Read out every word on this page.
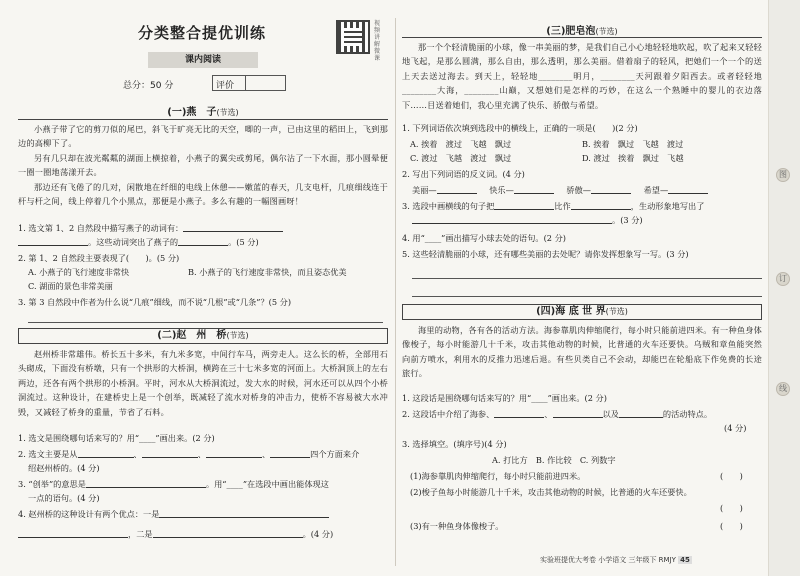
图
订
线
分类整合提优训练
视频讲解微课
课内阅读
总分：50 分	评价
(一)燕　子(节选)
小燕子带了它的剪刀似的尾巴，斜飞于旷亮无比的天空，唧的一声，已由这里的稻田上，飞到那边的高柳下了。
另有几只却在波光粼粼的湖面上横掠着，小燕子的翼尖或剪尾，偶尔沾了一下水面，那小圆晕便一圈一圈地荡漾开去。
那边还有飞倦了的几对，闲散地在纤细的电线上休憩——嫩蓝的春天，几支电杆，几痕细线连于杆与杆之间，线上停着几个小黑点，那便是小燕子。多么有趣的一幅图画呀！
1. 选文第 1、2 自然段中描写燕子的动词有：
。这些动词突出了燕子的	。(5 分)
2. 第 1、2 自然段主要表现了(　　)。(5 分)
A. 小燕子的飞行速度非常快	B. 小燕子的飞行速度非常快，而且姿态优美
C. 湖面的景色非常美丽
3. 第 3 自然段中作者为什么说“几痕”细线，而不说“几根”或“几条”？(5 分)
(二)赵　州　桥(节选)
赵州桥非常雄伟。桥长五十多米，有九米多宽，中间行车马，两旁走人。这么长的桥，全部用石头砌成，下面没有桥墩，只有一个拱形的大桥洞，横跨在三十七米多宽的河面上。大桥洞顶上的左右两边，还各有两个拱形的小桥洞。平时，河水从大桥洞流过，发大水的时候，河水还可以从四个小桥洞流过。这种设计，在建桥史上是一个创举，既减轻了流水对桥身的冲击力，使桥不容易被大水冲毁，又减轻了桥身的重量，节省了石料。
1. 选文是围绕哪句话来写的？用“____”画出来。(2 分)
2. 选文主要是从	、	、	、	四个方面来介
绍赵州桥的。(4 分)
3. “创举”的意思是	。用“____”在选段中画出能体现这
一点的语句。(4 分)
4. 赵州桥的这种设计有两个优点：一是
，二是	。(4 分)
(三)肥皂泡(节选)
那一个个轻清脆丽的小球，像一串美丽的梦，是我们自己小心地轻轻地吹起，吹了起来又轻轻地飞起，是那么圆满，那么自由，那么透明，那么美丽。借着扇子的轻风，把她们一个一个的送上天去送过海去。到天上，轻轻地________明月，________天河跟着夕阳西去。或者轻轻地________大海，________山巅，又想她们是怎样的巧妙，在这么一个熟睡中的婴儿的衣边落下……目送着她们，我心里充满了快乐、骄傲与希望。
1. 下列词语依次填到选段中的横线上，正确的一项是(　　)(2 分)
A. 挨着　渡过　飞越　飘过	B. 挨着　飘过　飞越　渡过
C. 渡过　飞越　渡过　飘过	D. 渡过　挨着　飘过　飞越
2. 写出下列词语的反义词。(4 分)
美丽—	快乐—	骄傲—	希望—
3. 选段中画横线的句子把	比作	，生动形象地写出了
。(3 分)
4. 用“____”画出描写小球去处的语句。(2 分)
5. 这些轻清脆丽的小球，还有哪些美丽的去处呢？请你发挥想象写一写。(3 分)
(四)海 底 世 界(节选)
海里的动物，各有各的活动方法。海参靠肌肉伸缩爬行，每小时只能前进四米。有一种鱼身体像梭子，每小时能游几十千米，攻击其他动物的时候，比普通的火车还要快。乌贼和章鱼能突然向前方喷水，利用水的反推力迅速后退。有些贝类自己不会动，却能巴在轮船底下作免费的长途旅行。
1. 这段话是围绕哪句话来写的？用“____”画出来。(2 分)
2. 这段话中介绍了海参、	、	以及	的活动特点。
(4 分)
3. 选择填空。(填序号)(4 分)
A. 打比方　B. 作比较　C. 列数字
(1)海参靠肌肉伸缩爬行，每小时只能前进四米。	(　　)
(2)梭子鱼每小时能游几十千米，攻击其他动物的时候，比普通的火车还要快。
(　　)
(3)有一种鱼身体像梭子。	(　　)
实验班提优大考卷 小学语文 三年级下 RMJY 45
